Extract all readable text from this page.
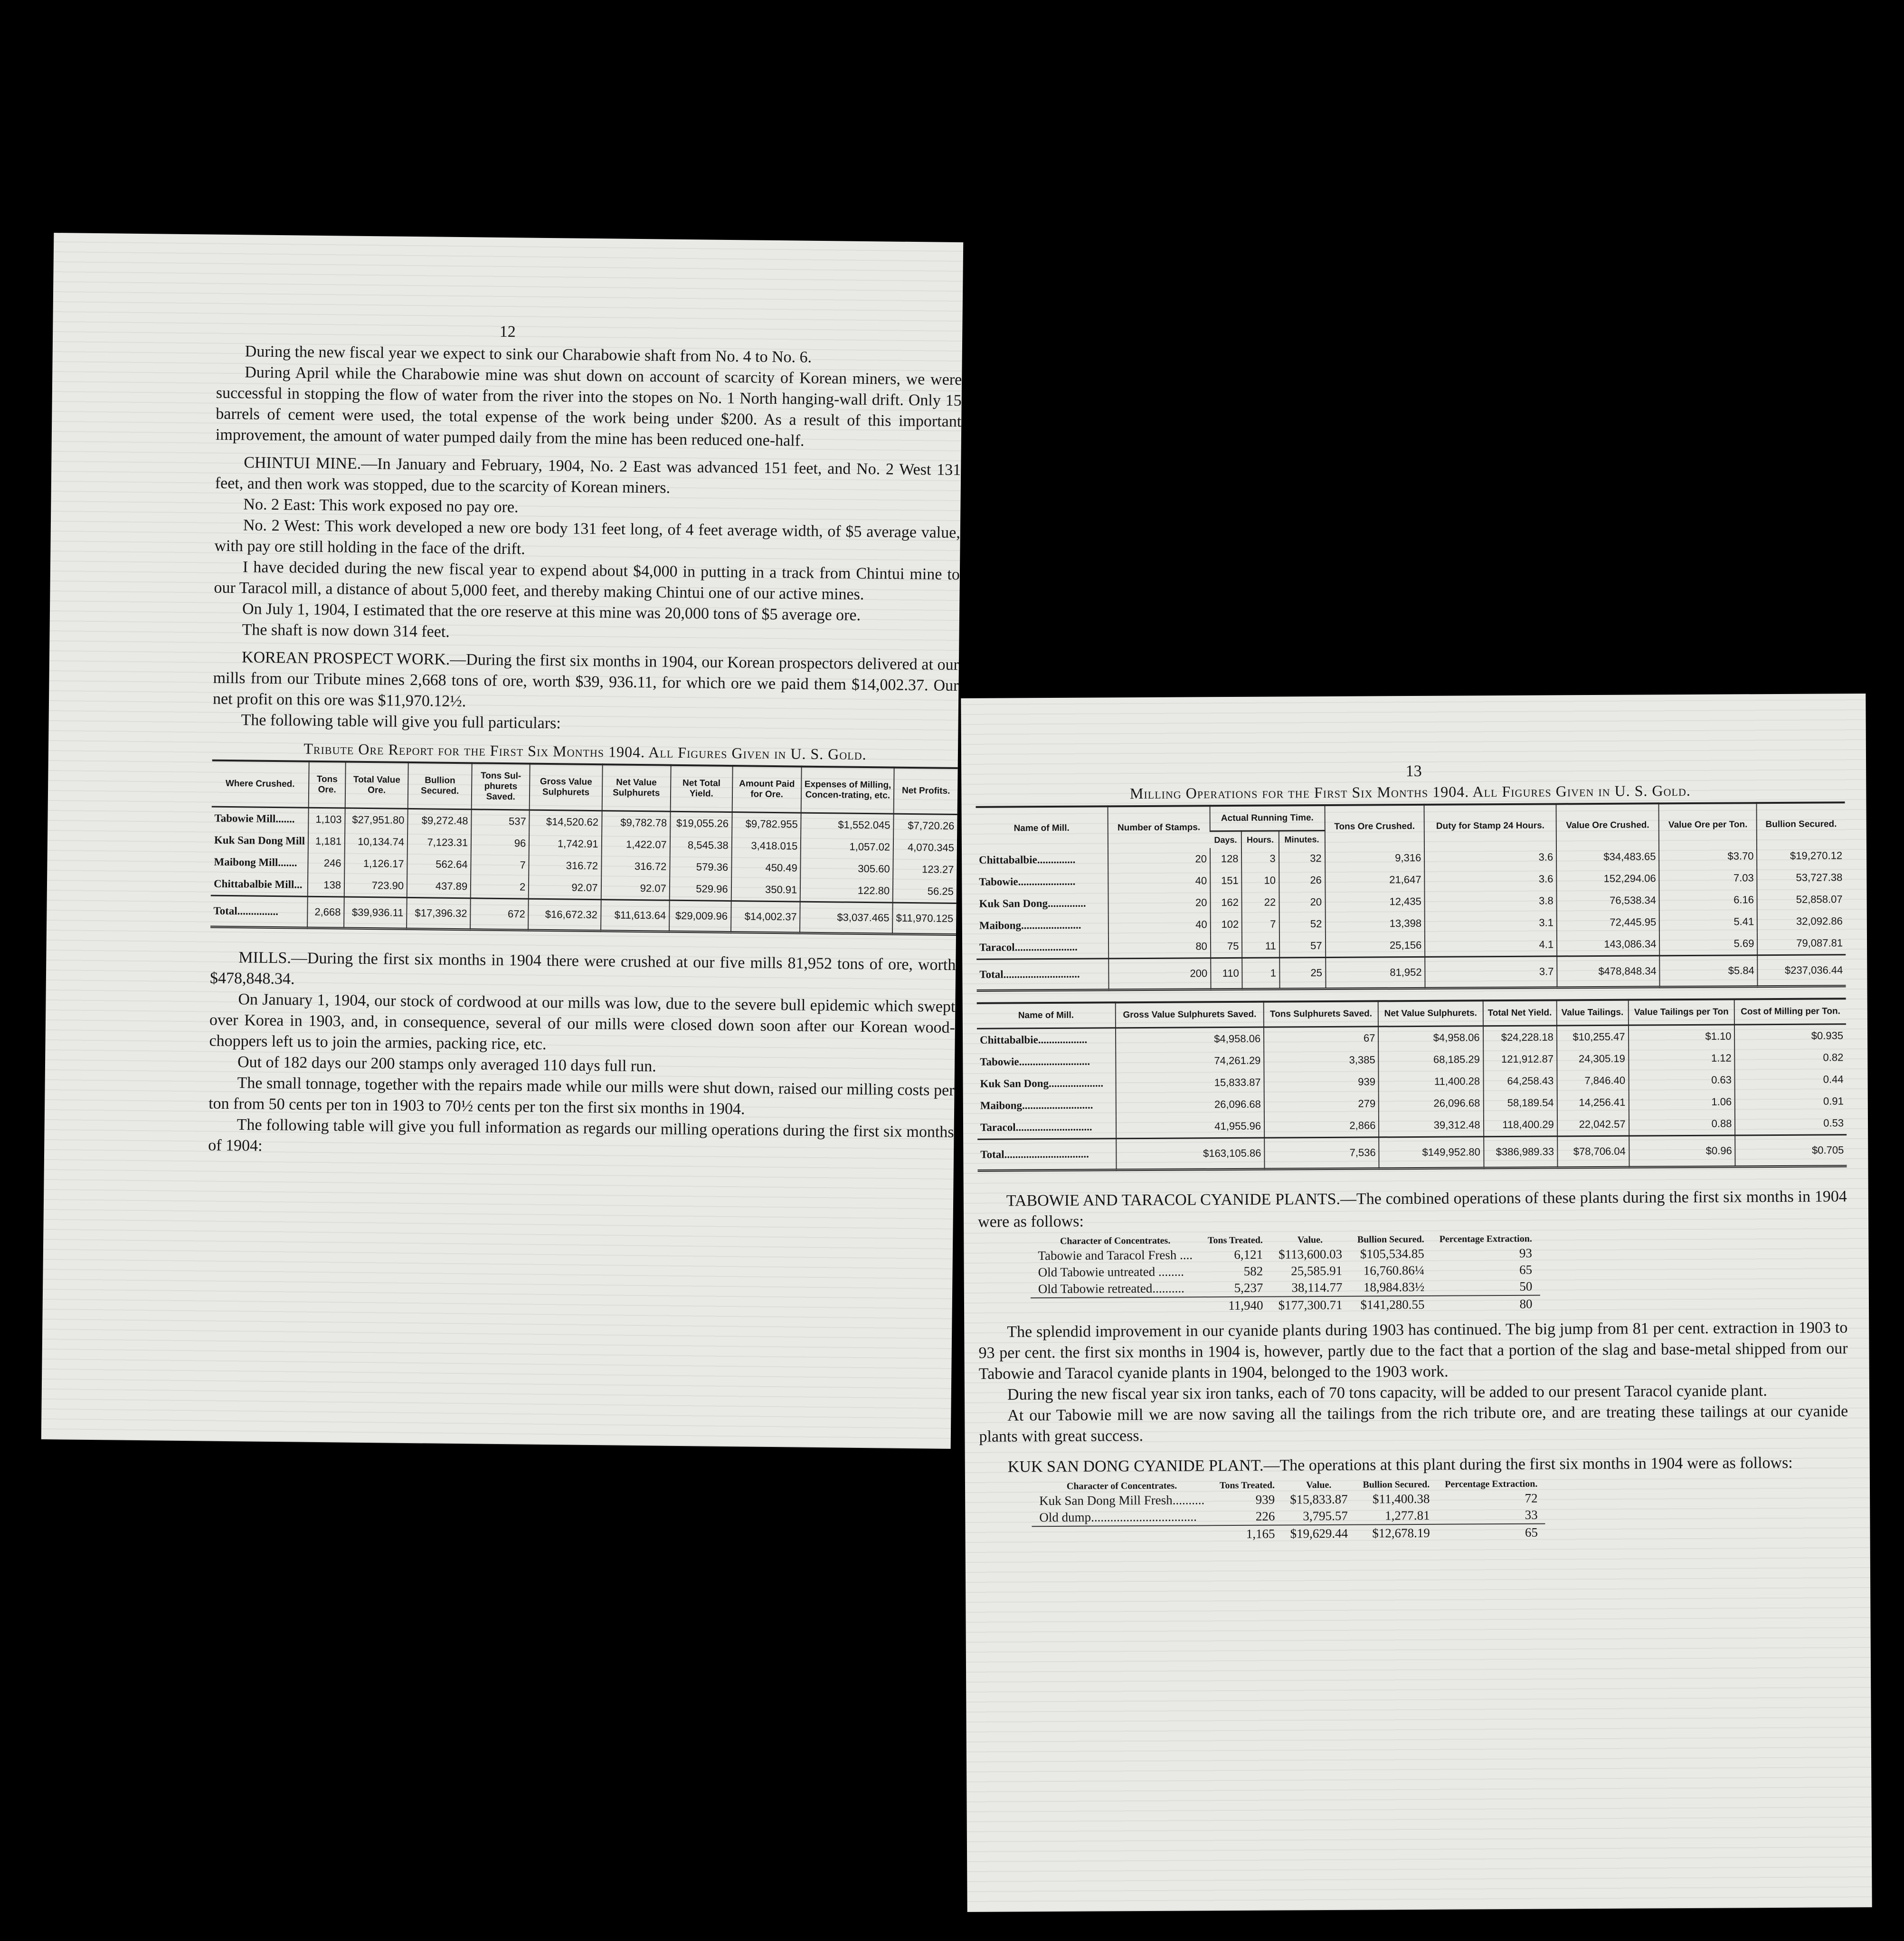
12

During the new fiscal year we expect to sink our Charabowie shaft from No. 4 to No. 6.

During April while the Charabowie mine was shut down on account of scarcity of Korean miners, we were successful in stopping the flow of water from the river into the stopes on No. 1 North hanging-wall drift. Only 15 barrels of cement were used, the total expense of the work being under $200. As a result of this important improvement, the amount of water pumped daily from the mine has been reduced one-half.

CHINTUI MINE.—In January and February, 1904, No. 2 East was advanced 151 feet, and No. 2 West 131 feet, and then work was stopped, due to the scarcity of Korean miners.

No. 2 East: This work exposed no pay ore.

No. 2 West: This work developed a new ore body 131 feet long, of 4 feet average width, of $5 average value, with pay ore still holding in the face of the drift.

I have decided during the new fiscal year to expend about $4,000 in putting in a track from Chintui mine to our Taracol mill, a distance of about 5,000 feet, and thereby making Chintui one of our active mines.

On July 1, 1904, I estimated that the ore reserve at this mine was 20,000 tons of $5 average ore.

The shaft is now down 314 feet.

KOREAN PROSPECT WORK.—During the first six months in 1904, our Korean prospectors delivered at our mills from our Tribute mines 2,668 tons of ore, worth $39, 936.11, for which ore we paid them $14,002.37. Our net profit on this ore was $11,970.12½.

The following table will give you full particulars:

Tribute Ore Report for the First Six Months 1904. All Figures Given in U. S. Gold.
Where Crushed.	Tons Ore.	Total Value Ore.	Bullion Secured.	Tons Sul-phurets Saved.	Gross Value Sulphurets	Net Value Sulphurets	Net Total Yield.	Amount Paid for Ore.	Expenses of Milling, Concen-trating, etc.	Net Profits.
Tabowie Mill.......	1,103	$27,951.80	$9,272.48	537	$14,520.62	$9,782.78	$19,055.26	$9,782.955	$1,552.045	$7,720.26
Kuk San Dong Mill	1,181	10,134.74	7,123.31	96	1,742.91	1,422.07	8,545.38	3,418.015	1,057.02	4,070.345
Maibong Mill.......	246	1,126.17	562.64	7	316.72	316.72	579.36	450.49	305.60	123.27
Chittabalbie Mill...	138	723.90	437.89	2	92.07	92.07	529.96	350.91	122.80	56.25
Total...............	2,668	$39,936.11	$17,396.32	672	$16,672.32	$11,613.64	$29,009.96	$14,002.37	$3,037.465	$11,970.125

MILLS.—During the first six months in 1904 there were crushed at our five mills 81,952 tons of ore, worth $478,848.34.

On January 1, 1904, our stock of cordwood at our mills was low, due to the severe bull epidemic which swept over Korea in 1903, and, in consequence, several of our mills were closed down soon after our Korean wood-choppers left us to join the armies, packing rice, etc.

Out of 182 days our 200 stamps only averaged 110 days full run.

The small tonnage, together with the repairs made while our mills were shut down, raised our milling costs per ton from 50 cents per ton in 1903 to 70½ cents per ton the first six months in 1904.

The following table will give you full information as regards our milling operations during the first six months of 1904:

13
Milling Operations for the First Six Months 1904. All Figures Given in U. S. Gold.
Name of Mill.	Number of Stamps.	Actual Running Time.			Tons Ore Crushed.	Duty for Stamp 24 Hours.	Value Ore Crushed.	Value Ore per Ton.	Bullion Secured.
		Days.	Hours.	Minutes.					
Chittabalbie..............	20	128	3	32	9,316	3.6	$34,483.65	$3.70	$19,270.12
Tabowie.....................	40	151	10	26	21,647	3.6	152,294.06	7.03	53,727.38
Kuk San Dong..............	20	162	22	20	12,435	3.8	76,538.34	6.16	52,858.07
Maibong......................	40	102	7	52	13,398	3.1	72,445.95	5.41	32,092.86
Taracol.......................	80	75	11	57	25,156	4.1	143,086.34	5.69	79,087.81
Total............................	200	110	1	25	81,952	3.7	$478,848.34	$5.84	$237,036.44
Name of Mill.	Gross Value Sulphurets Saved.	Tons Sulphurets Saved.	Net Value Sulphurets.	Total Net Yield.	Value Tailings.	Value Tailings per Ton	Cost of Milling per Ton.
Chittabalbie..................	$4,958.06	67	$4,958.06	$24,228.18	$10,255.47	$1.10	$0.935
Tabowie..........................	74,261.29	3,385	68,185.29	121,912.87	24,305.19	1.12	0.82
Kuk San Dong....................	15,833.87	939	11,400.28	64,258.43	7,846.40	0.63	0.44
Maibong..........................	26,096.68	279	26,096.68	58,189.54	14,256.41	1.06	0.91
Taracol............................	41,955.96	2,866	39,312.48	118,400.29	22,042.57	0.88	0.53
Total...............................	$163,105.86	7,536	$149,952.80	$386,989.33	$78,706.04	$0.96	$0.705

TABOWIE AND TARACOL CYANIDE PLANTS.—The combined operations of these plants during the first six months in 1904 were as follows:

Character of Concentrates.	Tons Treated.	Value.	Bullion Secured.	Percentage Extraction.
Tabowie and Taracol Fresh ....	6,121	$113,600.03	$105,534.85	93
Old Tabowie untreated ........	582	25,585.91	16,760.86¼	65
Old Tabowie retreated..........	5,237	38,114.77	18,984.83½	50
	11,940	$177,300.71	$141,280.55	80

The splendid improvement in our cyanide plants during 1903 has continued. The big jump from 81 per cent. extraction in 1903 to 93 per cent. the first six months in 1904 is, however, partly due to the fact that a portion of the slag and base-metal shipped from our Tabowie and Taracol cyanide plants in 1904, belonged to the 1903 work.

During the new fiscal year six iron tanks, each of 70 tons capacity, will be added to our present Taracol cyanide plant.

At our Tabowie mill we are now saving all the tailings from the rich tribute ore, and are treating these tailings at our cyanide plants with great success.

KUK SAN DONG CYANIDE PLANT.—The operations at this plant during the first six months in 1904 were as follows:

Character of Concentrates.	Tons Treated.	Value.	Bullion Secured.	Percentage Extraction.
Kuk San Dong Mill Fresh..........	939	$15,833.87	$11,400.38	72
Old dump.................................	226	3,795.57	1,277.81	33
	1,165	$19,629.44	$12,678.19	65
